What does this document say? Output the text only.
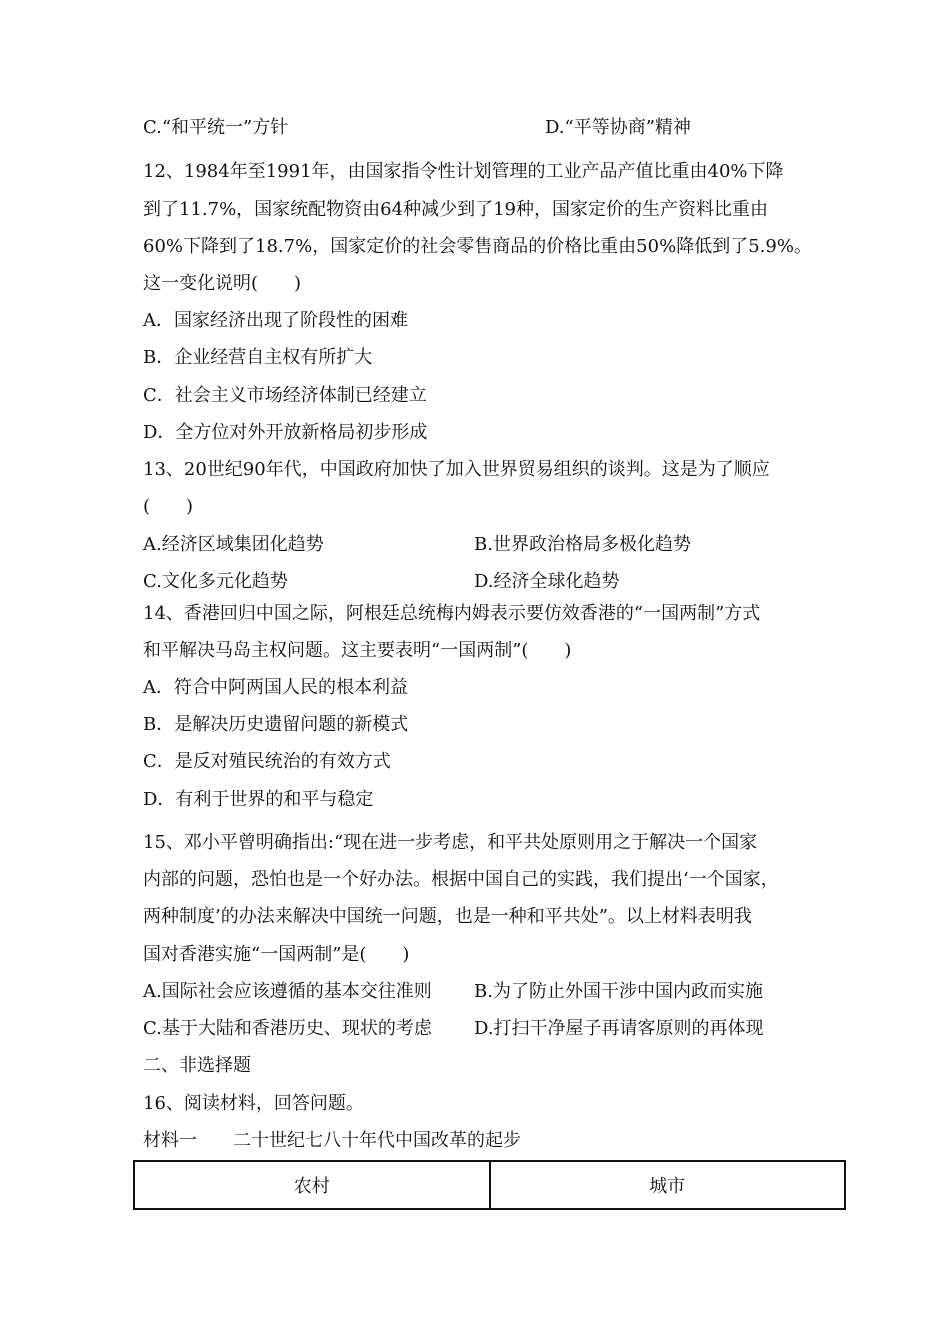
C.“和平统一”方针	D.“平等协商”精神
12、1984年至1991年，由国家指令性计划管理的工业产品产值比重由40%下降
到了11.7%，国家统配物资由64种减少到了19种，国家定价的生产资料比重由
60%下降到了18.7%，国家定价的社会零售商品的价格比重由50%降低到了5.9%。
这一变化说明(　　)
A．国家经济出现了阶段性的困难
B．企业经营自主权有所扩大
C．社会主义市场经济体制已经建立
D．全方位对外开放新格局初步形成
13、20世纪90年代，中国政府加快了加入世界贸易组织的谈判。这是为了顺应
(　　)
A.经济区域集团化趋势	B.世界政治格局多极化趋势
C.文化多元化趋势	D.经济全球化趋势
14、香港回归中国之际，阿根廷总统梅内姆表示要仿效香港的“一国两制”方式
和平解决马岛主权问题。这主要表明“一国两制”(　　)
A．符合中阿两国人民的根本利益
B．是解决历史遗留问题的新模式
C．是反对殖民统治的有效方式
D．有利于世界的和平与稳定
15、邓小平曾明确指出:“现在进一步考虑，和平共处原则用之于解决一个国家
内部的问题，恐怕也是一个好办法。根据中国自己的实践，我们提出‘一个国家，
两种制度’的办法来解决中国统一问题，也是一种和平共处”。以上材料表明我
国对香港实施“一国两制”是(　　)
A.国际社会应该遵循的基本交往准则 B.为了防止外国干涉中国内政而实施
C.基于大陆和香港历史、现状的考虑 D.打扫干净屋子再请客原则的再体现
二、非选择题
16、阅读材料，回答问题。
材料一　　二十世纪七八十年代中国改革的起步
农村	城市
